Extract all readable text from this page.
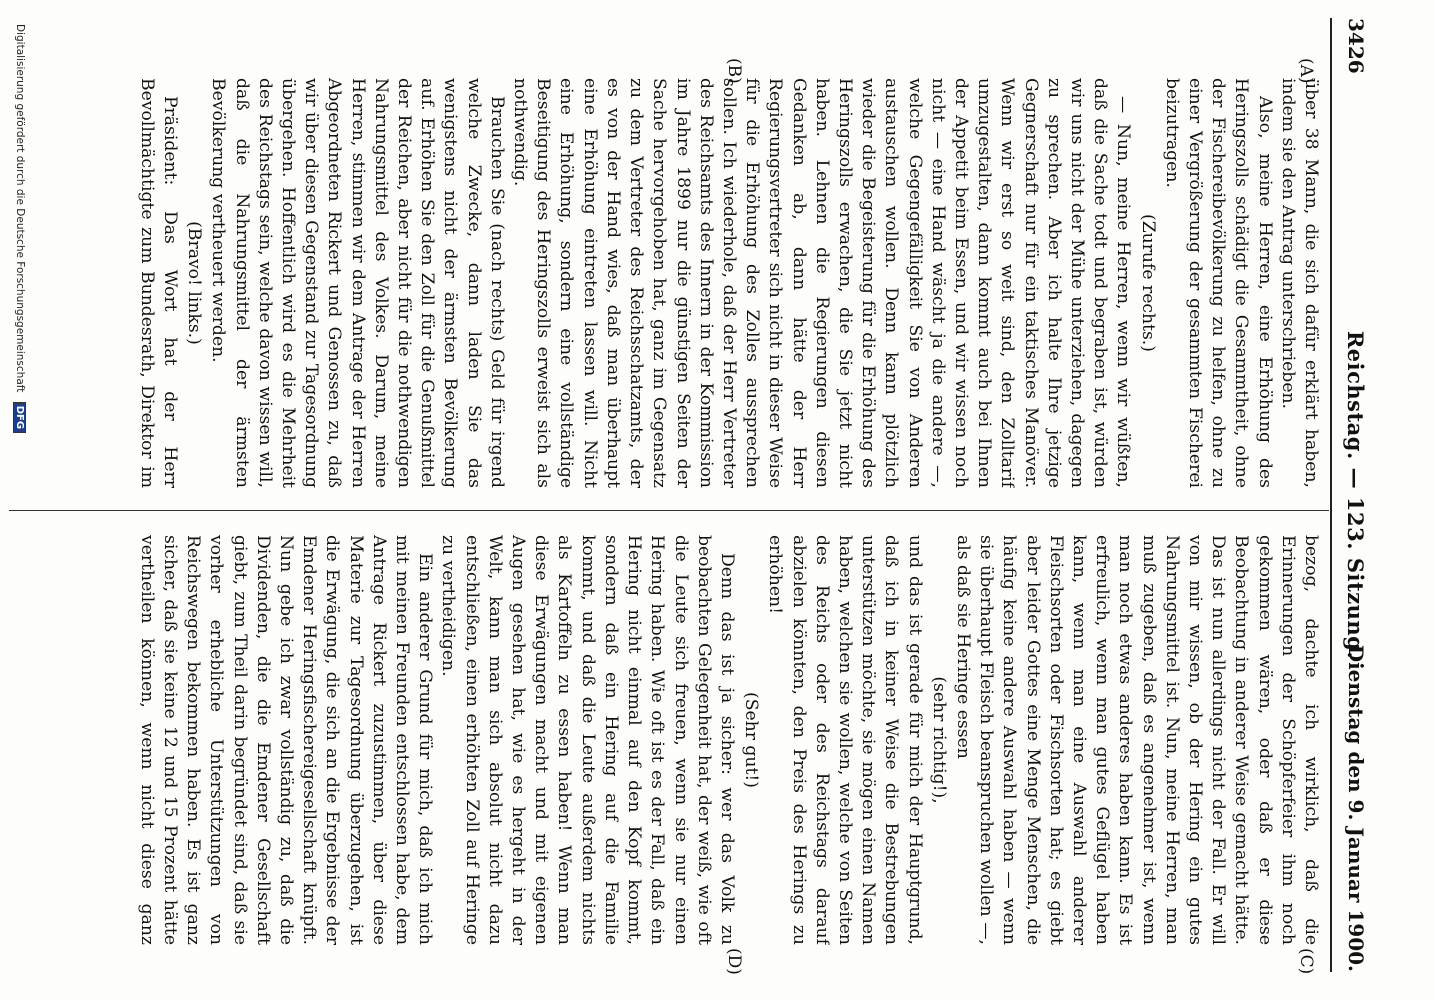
3426
Reichstag. — 123. Sitzung.
Dienstag den 9. Januar 1900.
(A)
(B)
(C)
(D)

über 38 Mann, die sich dafür erklärt haben, indem sie den Antrag unterschrieben.

Also, meine Herren, eine Erhöhung des Heringszolls schädigt die Gesammtheit, ohne der Fischereibevölkerung zu helfen, ohne zu einer Vergrößerung der gesammten Fischerei beizutragen.

(Zurufe rechts.)

— Nun, meine Herren, wenn wir wüßten, daß die Sache todt und begraben ist, würden wir uns nicht der Mühe unterziehen, dagegen zu sprechen. Aber ich halte Ihre jetzige Gegnerschaft nur für ein taktisches Manöver. Wenn wir erst so weit sind, den Zolltarif umzugestalten, dann kommt auch bei Ihnen der Appetit beim Essen, und wir wissen noch nicht — eine Hand wäscht ja die andere —, welche Gegengefälligkeit Sie von Anderen austauschen wollen. Denn kann plötzlich wieder die Begeisterung für die Erhöhung des Heringszolls erwachen, die Sie jetzt nicht haben. Lehnen die Regierungen diesen Gedanken ab, dann hätte der Herr Regierungsvertreter sich nicht in dieser Weise für die Erhöhung des Zolles aussprechen sollen. Ich wiederhole, daß der Herr Vertreter des Reichsamts des Innern in der Kommission im Jahre 1899 nur die günstigen Seiten der Sache hervorgehoben hat, ganz im Gegensatz zu dem Vertreter des Reichsschatzamts, der es von der Hand wies, daß man überhaupt eine Erhöhung eintreten lassen will. Nicht eine Erhöhung, sondern eine vollständige Beseitigung des Heringszolls erweist sich als nothwendig.

Brauchen Sie (nach rechts) Geld für irgend welche Zwecke, dann laden Sie das wenigstens nicht der ärmsten Bevölkerung auf. Erhöhen Sie den Zoll für die Genußmittel der Reichen, aber nicht für die nothwendigen Nahrungsmittel des Volkes. Darum, meine Herren, stimmen wir dem Antrage der Herren Abgeordneten Rickert und Genossen zu, daß wir über diesen Gegenstand zur Tagesordnung übergehen. Hoffentlich wird es die Mehrheit des Reichstags sein, welche davon wissen will, daß die Nahrungsmittel der ärmsten Bevölkerung vertheuert werden.

(Bravo! links.)

Präsident: Das Wort hat der Herr Bevollmächtigte zum Bundesrath, Direktor im

bezog, dachte ich wirklich, daß die Erinnerungen der Schöpferfeier ihm noch gekommen wären, oder daß er diese Beobachtung in anderer Weise gemacht hätte. Das ist nun allerdings nicht der Fall. Er will von mir wissen, ob der Hering ein gutes Nahrungsmittel ist. Nun, meine Herren, man muß zugeben, daß es angenehmer ist, wenn man noch etwas anderes haben kann. Es ist erfreulich, wenn man gutes Geflügel haben kann, wenn man eine Auswahl anderer Fleischsorten oder Fischsorten hat; es giebt aber leider Gottes eine Menge Menschen, die häufig keine andere Auswahl haben — wenn sie überhaupt Fleisch beanspruchen wollen —, als daß sie Heringe essen

(sehr richtig!),

und das ist gerade für mich der Hauptgrund, daß ich in keiner Weise die Bestrebungen unterstützen möchte, sie mögen einen Namen haben, welchen sie wollen, welche von Seiten des Reichs oder des Reichstags darauf abzielen könnten, den Preis des Herings zu erhöhen!

(Sehr gut!)

Denn das ist ja sicher: wer das Volk zu beobachten Gelegenheit hat, der weiß, wie oft die Leute sich freuen, wenn sie nur einen Hering haben. Wie oft ist es der Fall, daß ein Hering nicht einmal auf den Kopf kommt, sondern daß ein Hering auf die Familie kommt, und daß die Leute außerdem nichts als Kartoffeln zu essen haben! Wenn man diese Erwägungen macht und mit eigenen Augen gesehen hat, wie es hergeht in der Welt, kann man sich absolut nicht dazu entschließen, einen erhöhten Zoll auf Heringe zu vertheidigen.

Ein anderer Grund für mich, daß ich mich mit meinen Freunden entschlossen habe, dem Antrage Rickert zuzustimmen, über diese Materie zur Tagesordnung überzugehen, ist die Erwägung, die sich an die Ergebnisse der Emdener Heringsfischereigesellschaft knüpft. Nun gebe ich zwar vollständig zu, daß die Dividenden, die die Emdener Gesellschaft giebt, zum Theil darin begründet sind, daß sie vorher erhebliche Unterstützungen von Reichswegen bekommen haben. Es ist ganz sicher, daß sie keine 12 und 15 Prozent hätte vertheilen können, wenn nicht diese ganz

Digitalisierung gefördert durch die Deutsche Forschungsgemeinschaft DFG
